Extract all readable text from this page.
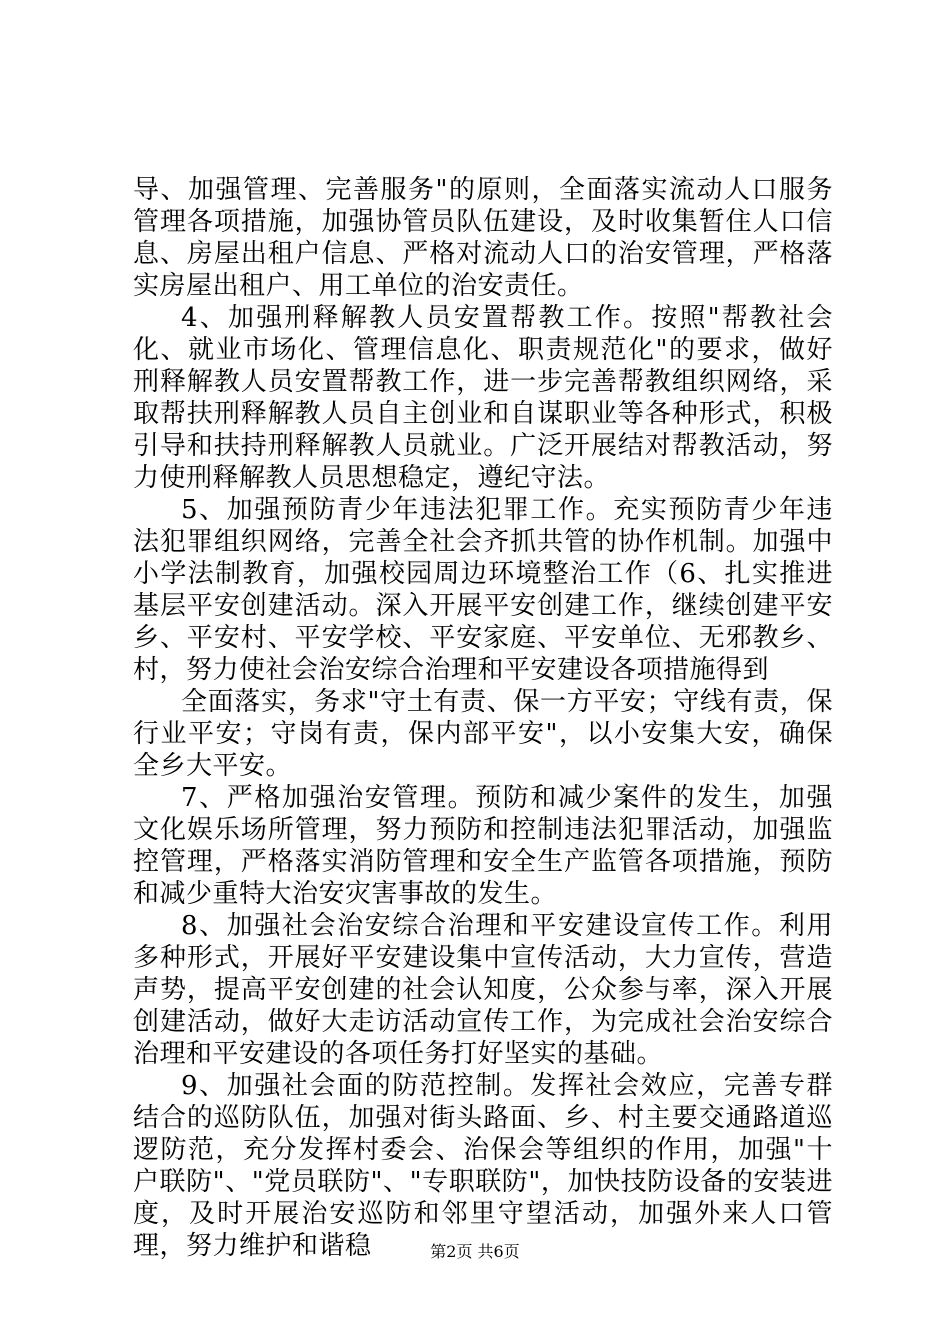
导、加强管理、完善服务"的原则，全面落实流动人口服务管理各项措施，加强协管员队伍建设，及时收集暂住人口信息、房屋出租户信息、严格对流动人口的治安管理，严格落实房屋出租户、用工单位的治安责任。

4、加强刑释解教人员安置帮教工作。按照"帮教社会化、就业市场化、管理信息化、职责规范化"的要求，做好刑释解教人员安置帮教工作，进一步完善帮教组织网络，采取帮扶刑释解教人员自主创业和自谋职业等各种形式，积极引导和扶持刑释解教人员就业。广泛开展结对帮教活动，努力使刑释解教人员思想稳定，遵纪守法。

5、加强预防青少年违法犯罪工作。充实预防青少年违法犯罪组织网络，完善全社会齐抓共管的协作机制。加强中小学法制教育，加强校园周边环境整治工作（6、扎实推进基层平安创建活动。深入开展平安创建工作，继续创建平安乡、平安村、平安学校、平安家庭、平安单位、无邪教乡、村，努力使社会治安综合治理和平安建设各项措施得到

全面落实，务求"守土有责、保一方平安；守线有责，保行业平安；守岗有责，保内部平安"，以小安集大安，确保全乡大平安。

7、严格加强治安管理。预防和减少案件的发生，加强文化娱乐场所管理，努力预防和控制违法犯罪活动，加强监控管理，严格落实消防管理和安全生产监管各项措施，预防和减少重特大治安灾害事故的发生。

8、加强社会治安综合治理和平安建设宣传工作。利用多种形式，开展好平安建设集中宣传活动，大力宣传，营造声势，提高平安创建的社会认知度，公众参与率，深入开展创建活动，做好大走访活动宣传工作，为完成社会治安综合治理和平安建设的各项任务打好坚实的基础。

9、加强社会面的防范控制。发挥社会效应，完善专群结合的巡防队伍，加强对街头路面、乡、村主要交通路道巡逻防范，充分发挥村委会、治保会等组织的作用，加强"十户联防"、"党员联防"、"专职联防"，加快技防设备的安装进度，及时开展治安巡防和邻里守望活动，加强外来人口管理，努力维护和谐稳	第2页 共6页
